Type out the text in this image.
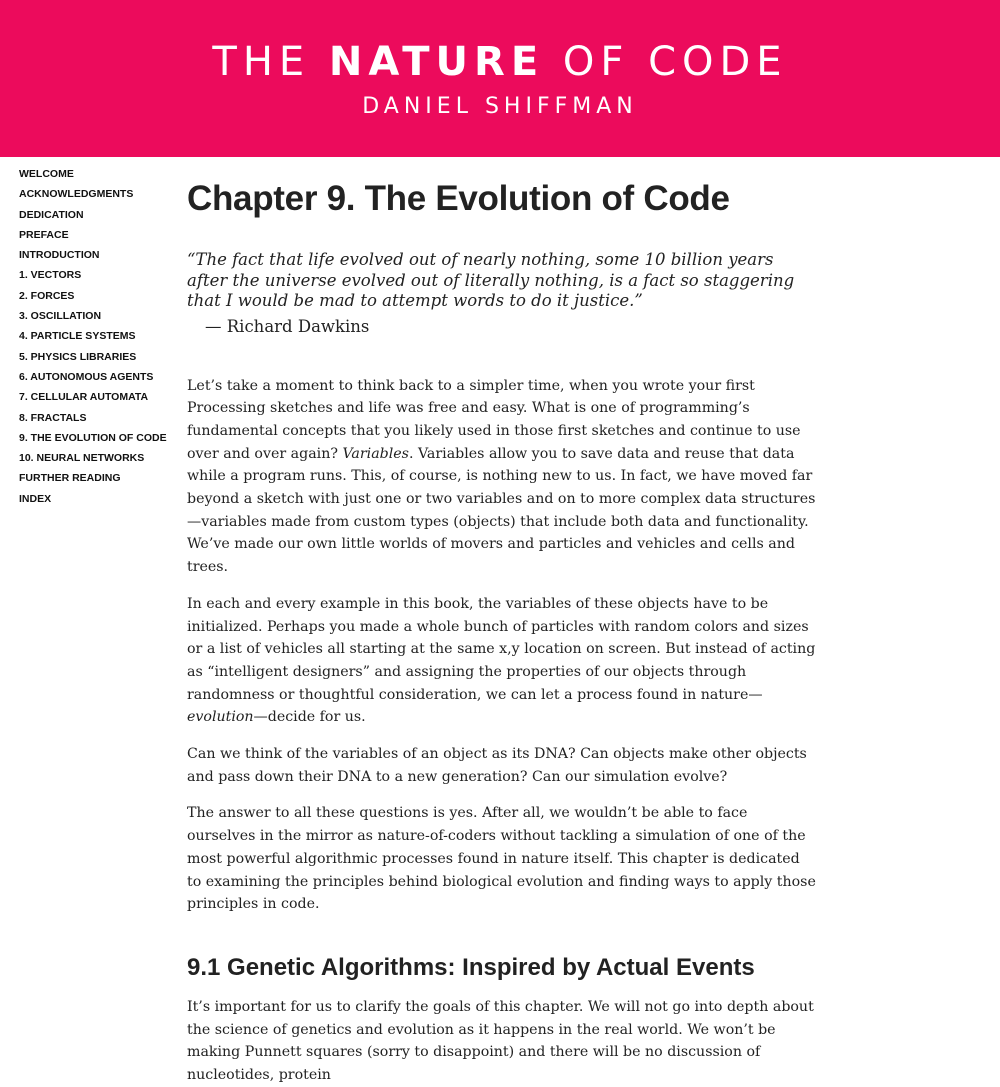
THE NATURE OF CODE
DANIEL SHIFFMAN
WELCOME
ACKNOWLEDGMENTS
DEDICATION
PREFACE
INTRODUCTION
1. VECTORS
2. FORCES
3. OSCILLATION
4. PARTICLE SYSTEMS
5. PHYSICS LIBRARIES
6. AUTONOMOUS AGENTS
7. CELLULAR AUTOMATA
8. FRACTALS
9. THE EVOLUTION OF CODE
10. NEURAL NETWORKS
FURTHER READING
INDEX
Chapter 9. The Evolution of Code

“The fact that life evolved out of nearly nothing, some 10 billion years after the universe evolved out of literally nothing, is a fact so staggering that I would be mad to attempt words to do it justice.”

— Richard Dawkins

Let’s take a moment to think back to a simpler time, when you wrote your first Processing sketches and life was free and easy. What is one of programming’s fundamental concepts that you likely used in those first sketches and continue to use over and over again? Variables. Variables allow you to save data and reuse that data while a program runs. This, of course, is nothing new to us. In fact, we have moved far beyond a sketch with just one or two variables and on to more complex data structures—variables made from custom types (objects) that include both data and functionality. We’ve made our own little worlds of movers and particles and vehicles and cells and trees.

In each and every example in this book, the variables of these objects have to be initialized. Perhaps you made a whole bunch of particles with random colors and sizes or a list of vehicles all starting at the same x,y location on screen. But instead of acting as “intelligent designers” and assigning the properties of our objects through randomness or thoughtful consideration, we can let a process found in nature—evolution—decide for us.

Can we think of the variables of an object as its DNA? Can objects make other objects and pass down their DNA to a new generation? Can our simulation evolve?

The answer to all these questions is yes. After all, we wouldn’t be able to face ourselves in the mirror as nature-of-coders without tackling a simulation of one of the most powerful algorithmic processes found in nature itself. This chapter is dedicated to examining the principles behind biological evolution and finding ways to apply those principles in code.

9.1 Genetic Algorithms: Inspired by Actual Events

It’s important for us to clarify the goals of this chapter. We will not go into depth about the science of genetics and evolution as it happens in the real world. We won’t be making Punnett squares (sorry to disappoint) and there will be no discussion of nucleotides, protein
